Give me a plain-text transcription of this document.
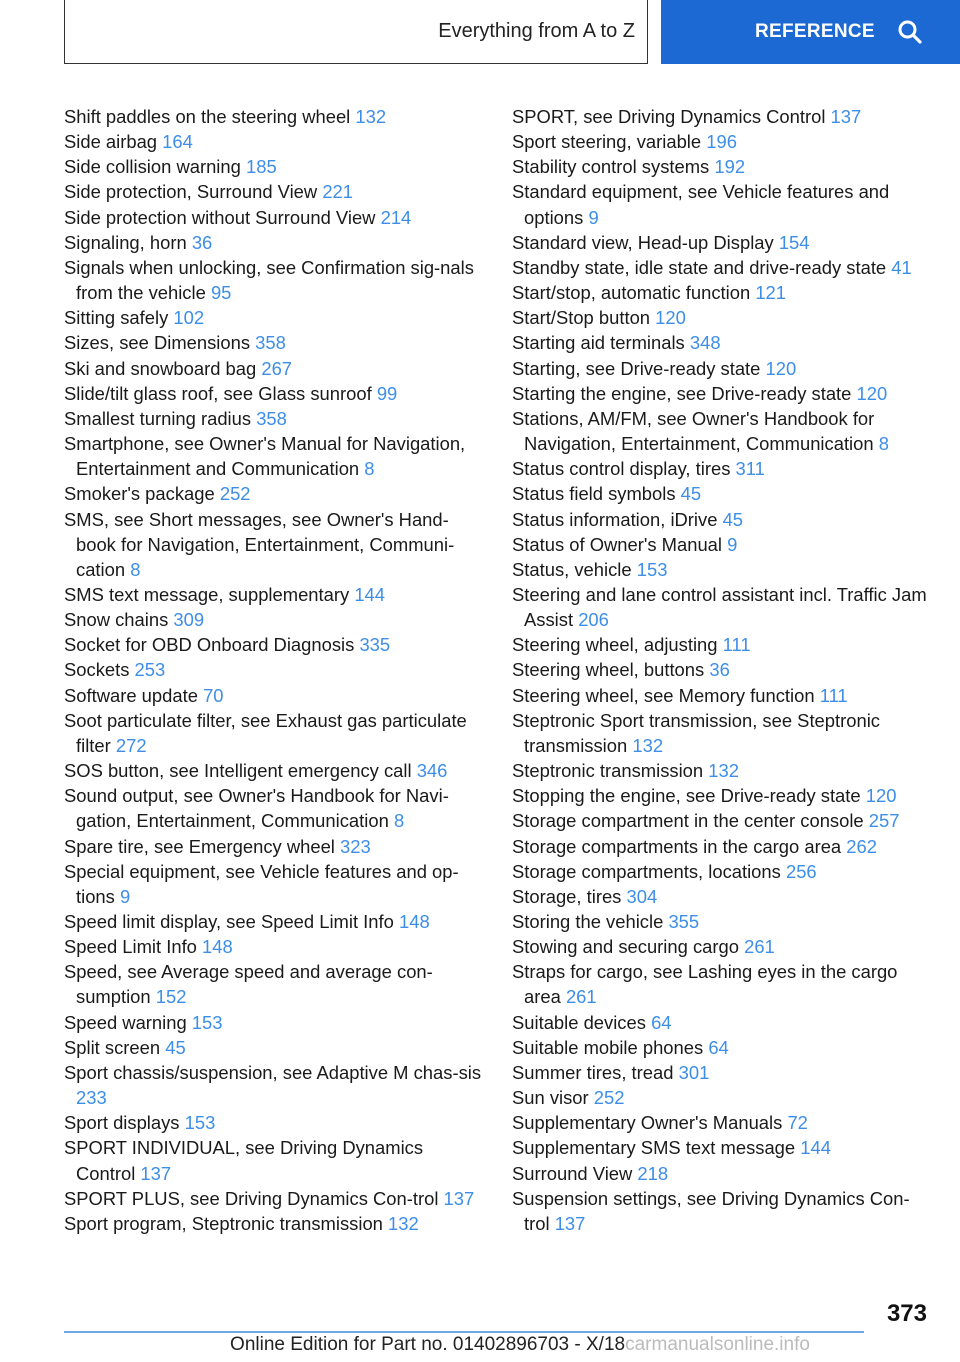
Everything from A to Z	REFERENCE
Shift paddles on the steering wheel 132
Side airbag 164
Side collision warning 185
Side protection, Surround View 221
Side protection without Surround View 214
Signaling, horn 36
Signals when unlocking, see Confirmation sig‐nals from the vehicle 95
Sitting safely 102
Sizes, see Dimensions 358
Ski and snowboard bag 267
Slide/tilt glass roof, see Glass sunroof 99
Smallest turning radius 358
Smartphone, see Owner's Manual for Navigation, Entertainment and Communication 8
Smoker's package 252
SMS, see Short messages, see Owner's Hand‐book for Navigation, Entertainment, Communi‐cation 8
SMS text message, supplementary 144
Snow chains 309
Socket for OBD Onboard Diagnosis 335
Sockets 253
Software update 70
Soot particulate filter, see Exhaust gas particulate filter 272
SOS button, see Intelligent emergency call 346
Sound output, see Owner's Handbook for Navi‐gation, Entertainment, Communication 8
Spare tire, see Emergency wheel 323
Special equipment, see Vehicle features and op‐tions 9
Speed limit display, see Speed Limit Info 148
Speed Limit Info 148
Speed, see Average speed and average con‐sumption 152
Speed warning 153
Split screen 45
Sport chassis/suspension, see Adaptive M chas‐sis 233
Sport displays 153
SPORT INDIVIDUAL, see Driving Dynamics Control 137
SPORT PLUS, see Driving Dynamics Con‐trol 137
Sport program, Steptronic transmission 132
SPORT, see Driving Dynamics Control 137
Sport steering, variable 196
Stability control systems 192
Standard equipment, see Vehicle features and options 9
Standard view, Head-up Display 154
Standby state, idle state and drive-ready state 41
Start/stop, automatic function 121
Start/Stop button 120
Starting aid terminals 348
Starting, see Drive-ready state 120
Starting the engine, see Drive-ready state 120
Stations, AM/FM, see Owner's Handbook for Navigation, Entertainment, Communication 8
Status control display, tires 311
Status field symbols 45
Status information, iDrive 45
Status of Owner's Manual 9
Status, vehicle 153
Steering and lane control assistant incl. Traffic Jam Assist 206
Steering wheel, adjusting 111
Steering wheel, buttons 36
Steering wheel, see Memory function 111
Steptronic Sport transmission, see Steptronic transmission 132
Steptronic transmission 132
Stopping the engine, see Drive-ready state 120
Storage compartment in the center console 257
Storage compartments in the cargo area 262
Storage compartments, locations 256
Storage, tires 304
Storing the vehicle 355
Stowing and securing cargo 261
Straps for cargo, see Lashing eyes in the cargo area 261
Suitable devices 64
Suitable mobile phones 64
Summer tires, tread 301
Sun visor 252
Supplementary Owner's Manuals 72
Supplementary SMS text message 144
Surround View 218
Suspension settings, see Driving Dynamics Con‐trol 137
373
Online Edition for Part no. 01402896703 - X/18carmanualsonline.info
